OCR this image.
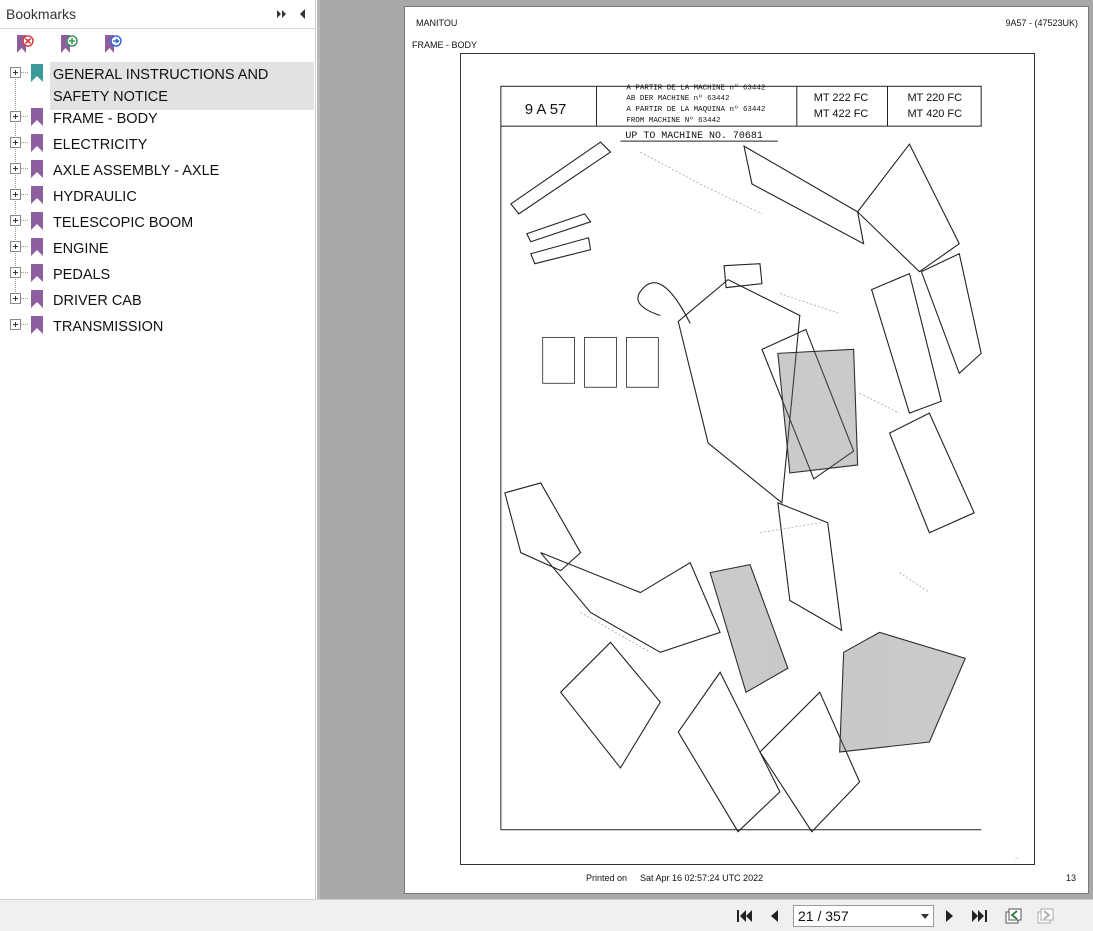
Bookmarks
GENERAL INSTRUCTIONS AND
SAFETY NOTICE
FRAME - BODY
ELECTRICITY
AXLE ASSEMBLY - AXLE
HYDRAULIC
TELESCOPIC BOOM
ENGINE
PEDALS
DRIVER CAB
TRANSMISSION
MANITOU	9A57 - (47523UK)
FRAME - BODY
9 A 57
A PARTIR DE LA MACHINE nº 63442
AB DER MACHINE nº 63442
A PARTIR DE LA MAQUINA nº 63442
FROM MACHINE Nº 63442
MT 222 FC
MT 422 FC
MT 220 FC
MT 420 FC
UP TO MACHINE NO. 70681
..
Printed on Sat Apr 16 02:57:24 UTC 2022	13
21 / 357
